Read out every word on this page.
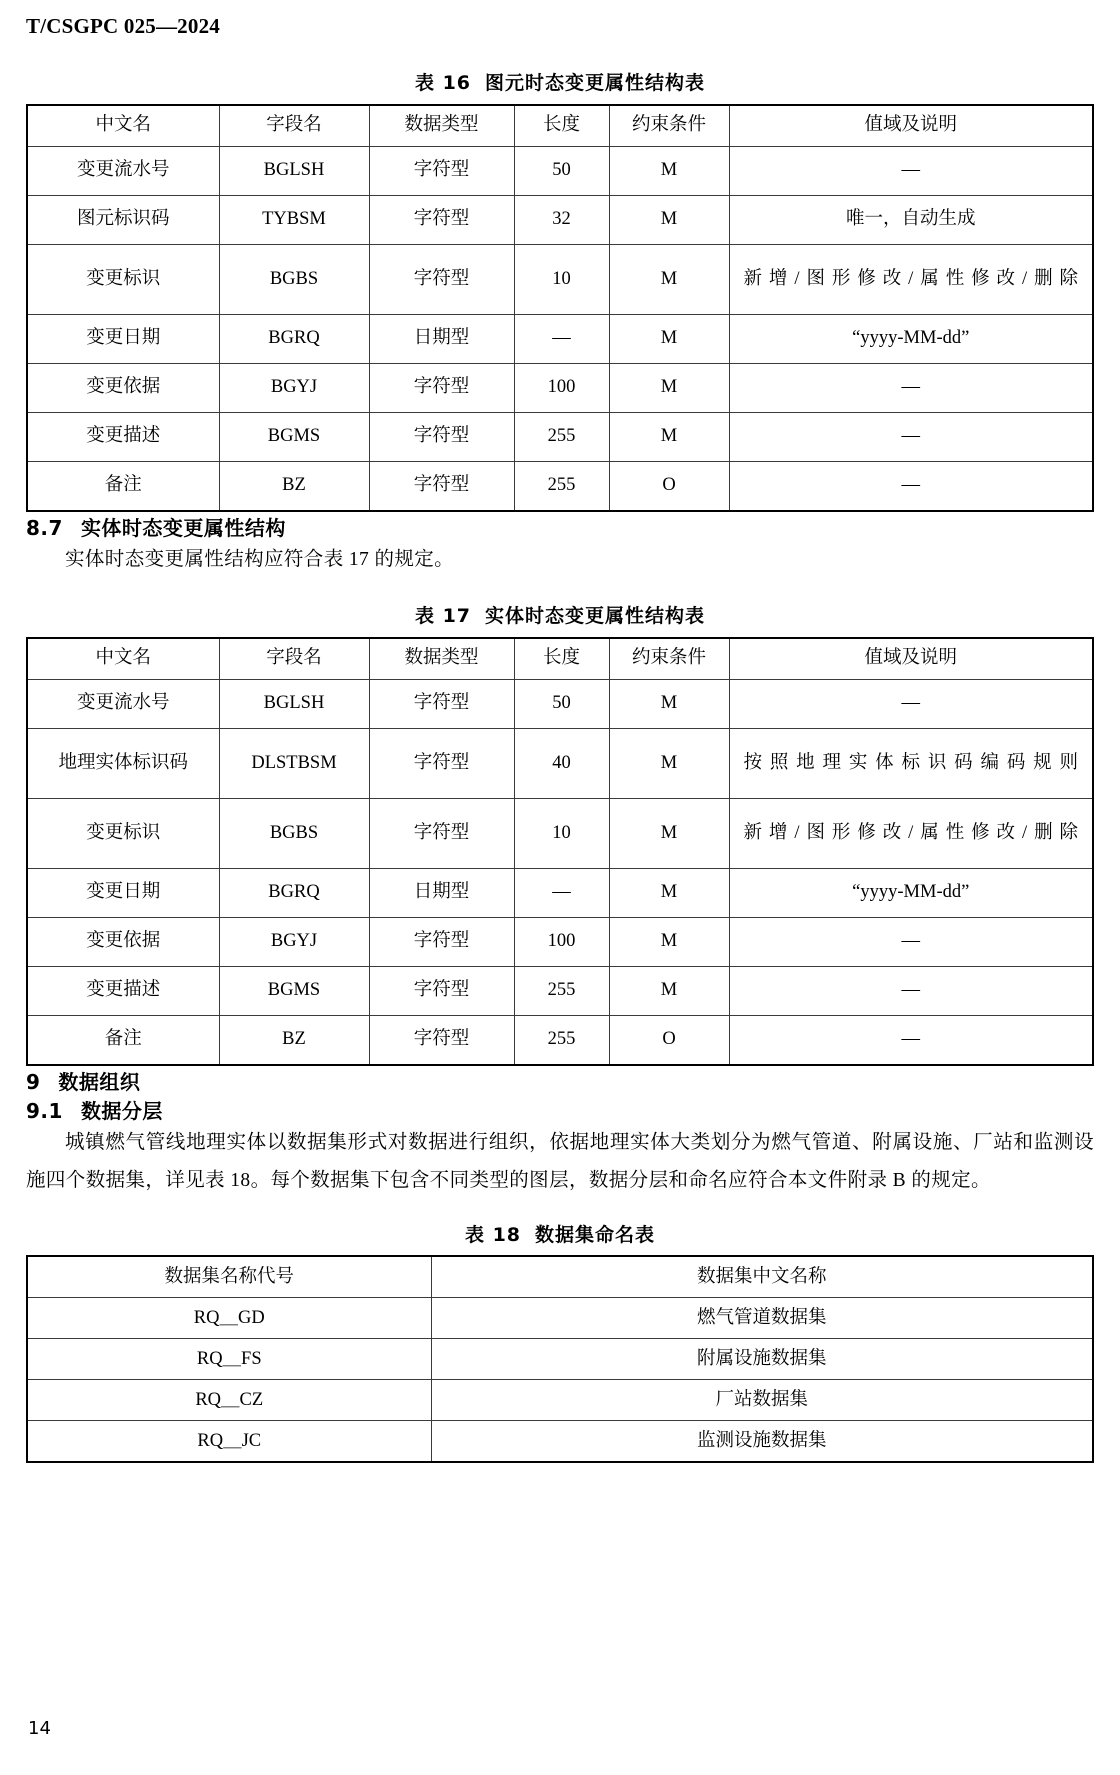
T/CSGPC 025—2024
表 16 图元时态变更属性结构表
中文名	字段名	数据类型	长度	约束条件	值域及说明
变更流水号	BGLSH	字符型	50	M	—
图元标识码	TYBSM	字符型	32	M	唯一，自动生成
变更标识	BGBS	字符型	10	M	新增/图形修改/属性修改/删除
变更日期	BGRQ	日期型	—	M	“yyyy-MM-dd”
变更依据	BGYJ	字符型	100	M	—
变更描述	BGMS	字符型	255	M	—
备注	BZ	字符型	255	O	—
8.7 实体时态变更属性结构

实体时态变更属性结构应符合表 17 的规定。

表 17 实体时态变更属性结构表
中文名	字段名	数据类型	长度	约束条件	值域及说明
变更流水号	BGLSH	字符型	50	M	—
地理实体标识码	DLSTBSM	字符型	40	M	按照地理实体标识码编码规则
变更标识	BGBS	字符型	10	M	新增/图形修改/属性修改/删除
变更日期	BGRQ	日期型	—	M	“yyyy-MM-dd”
变更依据	BGYJ	字符型	100	M	—
变更描述	BGMS	字符型	255	M	—
备注	BZ	字符型	255	O	—
9 数据组织
9.1 数据分层

城镇燃气管线地理实体以数据集形式对数据进行组织，依据地理实体大类划分为燃气管道、附属设施、厂站和监测设施四个数据集，详见表 18。每个数据集下包含不同类型的图层，数据分层和命名应符合本文件附录 B 的规定。

表 18 数据集命名表
数据集名称代号	数据集中文名称
RQ＿GD	燃气管道数据集
RQ＿FS	附属设施数据集
RQ＿CZ	厂站数据集
RQ＿JC	监测设施数据集
14
